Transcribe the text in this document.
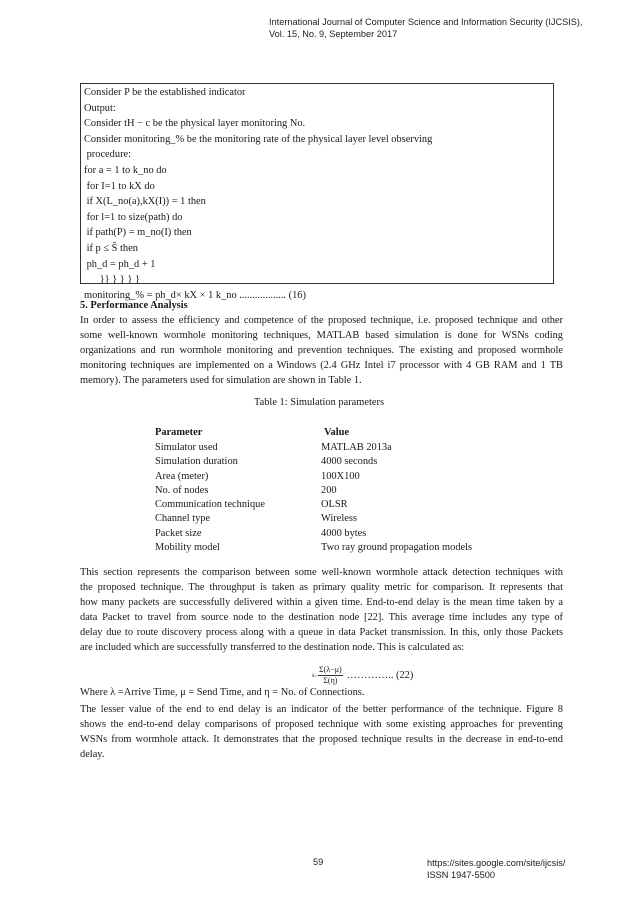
International Journal of Computer Science and Information Security (IJCSIS),
Vol. 15, No. 9, September 2017
Consider P be the established indicator
Output:
Consider tH − c be the physical layer monitoring No.
Consider monitoring_% be the monitoring rate of the physical layer level observing
procedure:
for a = 1 to k_no do
for I=1 to kX do
if X(L_no(a),kX(I)) = 1 then
for l=1 to size(path) do
if path(P) = m_no(I) then
if p ≤ Ŝ then
ph_d = ph_d + 1
}} } } } }
monitoring_% = ph_d× kX × 1 k_no .................. (16)
5. Performance Analysis
In order to assess the efficiency and competence of the proposed technique, i.e. proposed technique and other
some well-known wormhole monitoring techniques, MATLAB based simulation is done for WSNs coding
organizations and run wormhole monitoring and prevention techniques. The existing and proposed wormhole
monitoring techniques are implemented on a Windows (2.4 GHz Intel i7 processor with 4 GB RAM and 1 TB
memory). The parameters used for simulation are shown in Table 1.
Table 1: Simulation parameters
Parameter	Value
Simulator used	MATLAB 2013a
Simulation duration	4000 seconds
Area (meter)	100X100
No. of nodes	200
Communication technique	OLSR
Channel type	Wireless
Packet size	4000 bytes
Mobility model	Two ray ground propagation models
This section represents the comparison between some well-known wormhole attack detection techniques with
the proposed technique. The throughput is taken as primary quality metric for comparison. It represents that
how many packets are successfully delivered within a given time. End-to-end delay is the mean time taken by a
data Packet to travel from source node to the destination node [22]. This average time includes any type of
delay due to route discovery process along with a queue in data Packet transmission. In this, only those Packets
are included which are successfully transferred to the destination node. This is calculated as:
$\delta_= \frac{\Sigma(\lambda-\mu)}{\Sigma(\eta)}$ ………….. (22)
Where λ =Arrive Time, μ = Send Time, and η = No. of Connections.
The lesser value of the end to end delay is an indicator of the better performance of the technique. Figure 8
shows the end-to-end delay comparisons of proposed technique with some existing approaches for preventing
WSNs from wormhole attack. It demonstrates that the proposed technique results in the decrease in end-to-end
delay.
59	https://sites.google.com/site/ijcsis/
ISSN 1947-5500
